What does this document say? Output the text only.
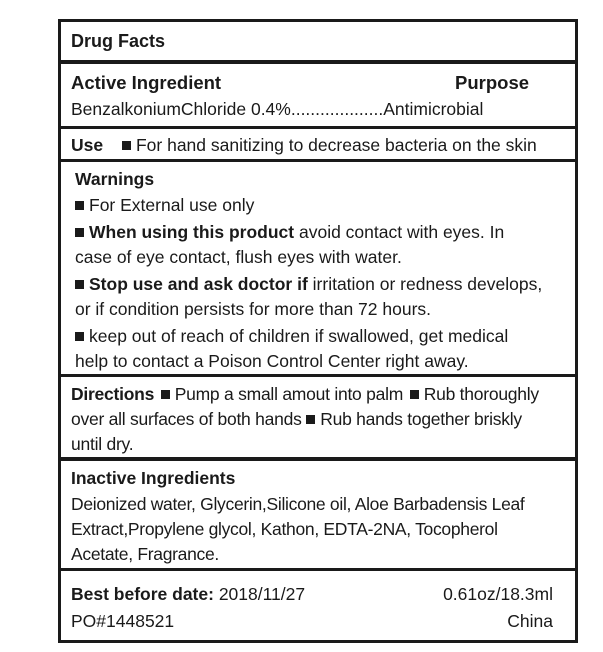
Drug Facts
Active Ingredient	Purpose
BenzalkoniumChloride 0.4%...................Antimicrobial
Use For hand sanitizing to decrease bacteria on the skin
Warnings
For External use only
When using this product avoid contact with eyes. In
case of eye contact, flush eyes with water.
Stop use and ask doctor if irritation or redness develops,
or if condition persists for more than 72 hours.
keep out of reach of children if swallowed, get medical
help to contact a Poison Control Center right away.
Directions Pump a small amout into palm Rub thoroughly
over all surfaces of both hands Rub hands together briskly
until dry.
Inactive Ingredients
Deionized water, Glycerin,Silicone oil, Aloe Barbadensis Leaf
Extract,Propylene glycol, Kathon, EDTA-2NA, Tocopherol
Acetate, Fragrance.
Best before date: 2018/11/27	0.61oz/18.3ml
PO#1448521	China
